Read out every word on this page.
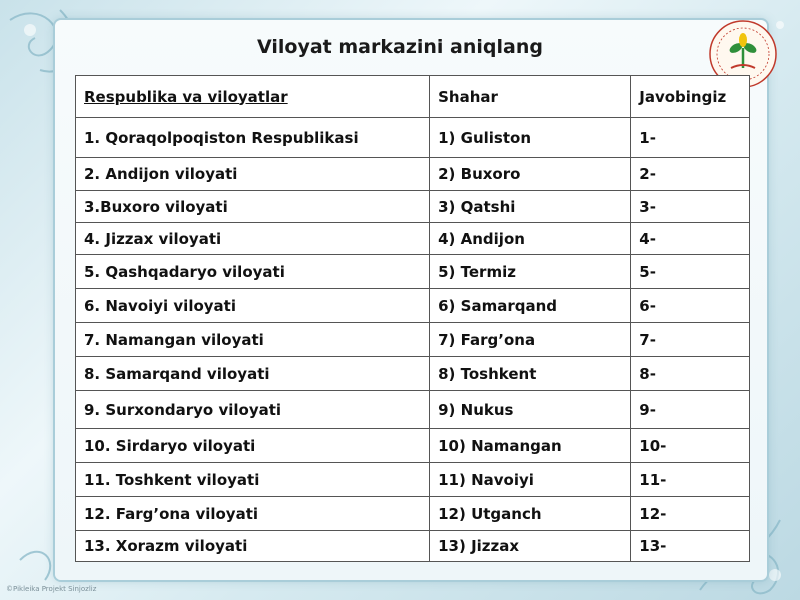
Viloyat markazini aniqlang
Respublika va viloyatlar	Shahar	Javobingiz
1. Qoraqolpoqiston Respublikasi	1) Guliston	1-
2. Andijon viloyati	2) Buxoro	2-
3.Buxoro viloyati	3) Qatshi	3-
4. Jizzax viloyati	4) Andijon	4-
5. Qashqadaryo viloyati	5) Termiz	5-
6. Navoiyi viloyati	6) Samarqand	6-
7. Namangan viloyati	7) Farg’ona	7-
8. Samarqand viloyati	8) Toshkent	8-
9. Surxondaryo viloyati	9) Nukus	9-
10. Sirdaryo viloyati	10) Namangan	10-
11. Toshkent viloyati	11) Navoiyi	11-
12. Farg’ona viloyati	12) Utganch	12-
13. Xorazm viloyati	13) Jizzax	13-
©Pikleika Projekt Sinjozliz
